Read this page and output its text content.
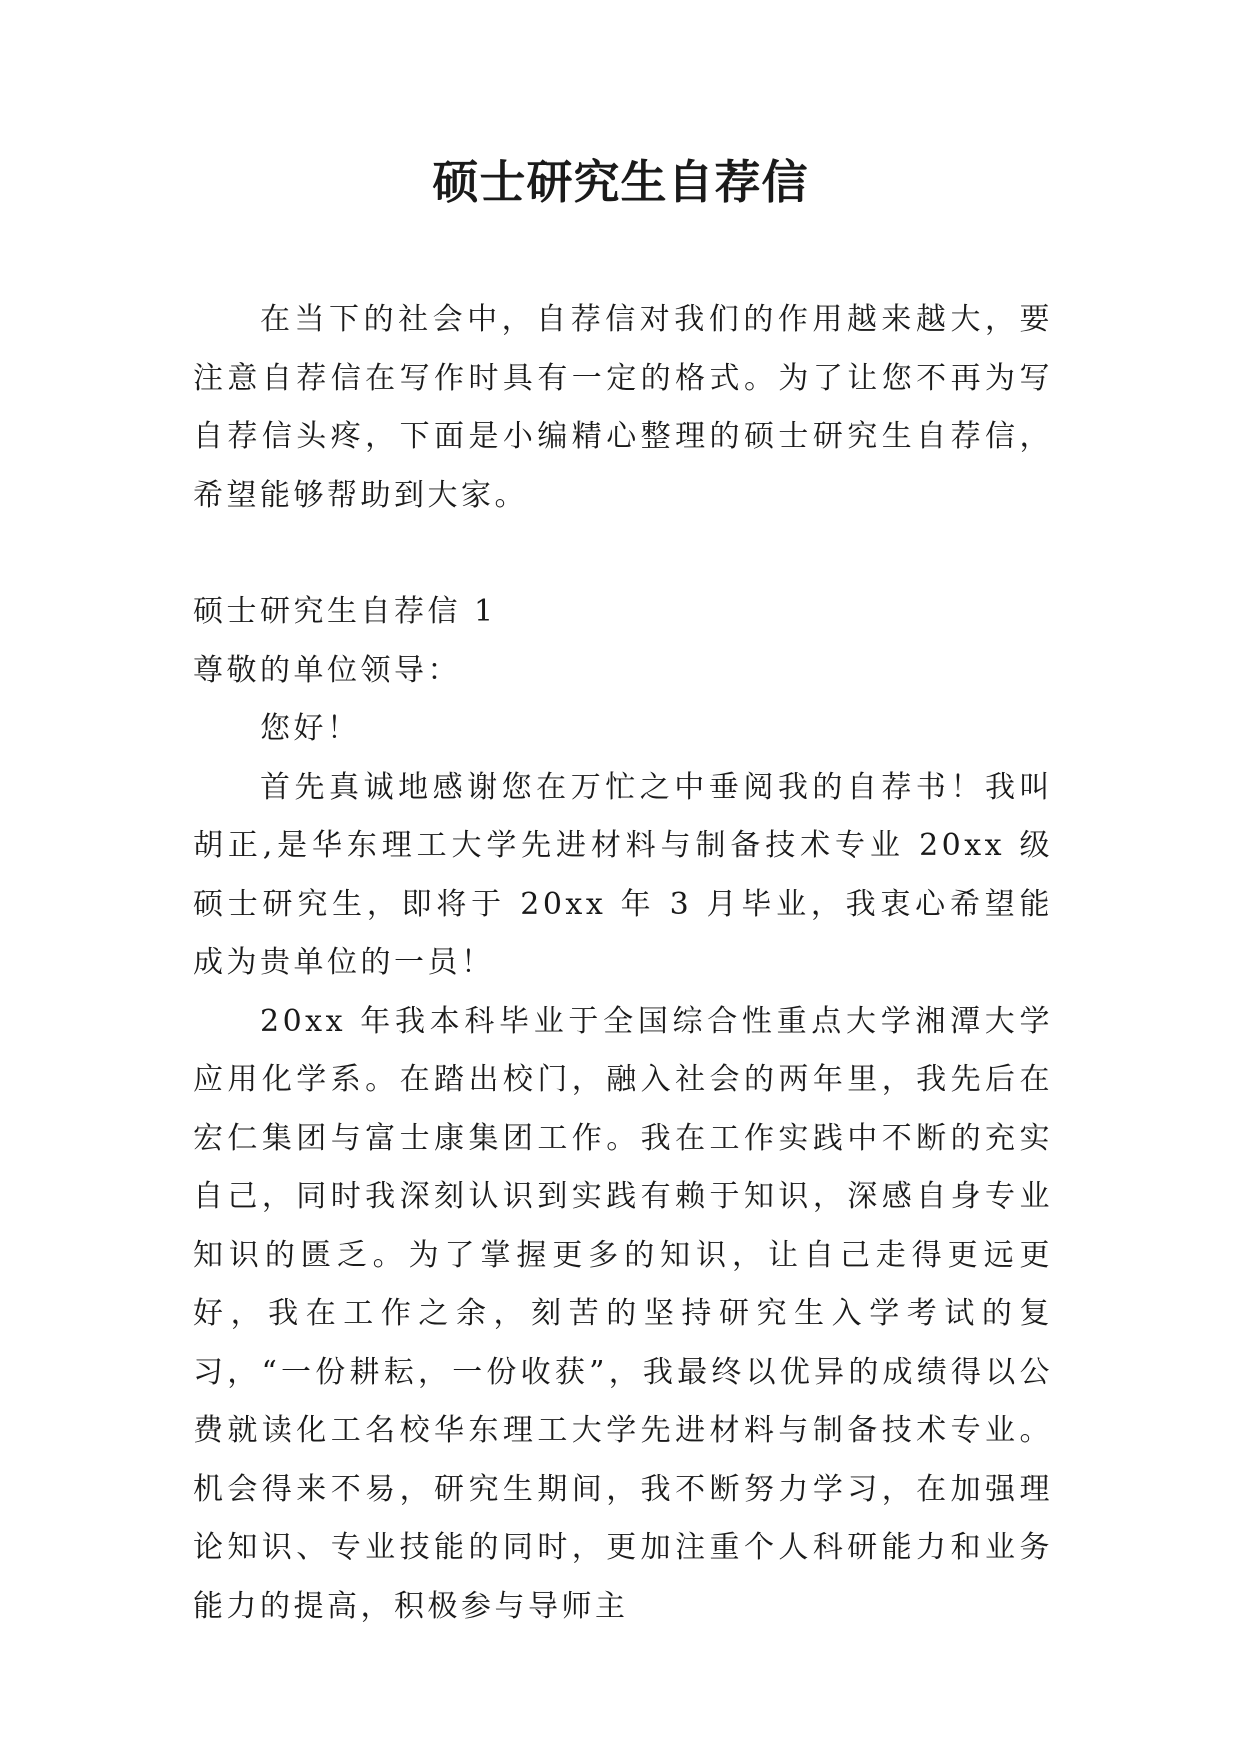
硕士研究生自荐信

在当下的社会中，自荐信对我们的作用越来越大，要注意自荐信在写作时具有一定的格式。为了让您不再为写自荐信头疼，下面是小编精心整理的硕士研究生自荐信，希望能够帮助到大家。

硕士研究生自荐信 1

尊敬的单位领导：

您好！

首先真诚地感谢您在万忙之中垂阅我的自荐书！我叫胡正,是华东理工大学先进材料与制备技术专业 20xx 级硕士研究生，即将于 20xx 年 3 月毕业，我衷心希望能成为贵单位的一员！

20xx 年我本科毕业于全国综合性重点大学湘潭大学应用化学系。在踏出校门，融入社会的两年里，我先后在宏仁集团与富士康集团工作。我在工作实践中不断的充实自己，同时我深刻认识到实践有赖于知识，深感自身专业知识的匮乏。为了掌握更多的知识，让自己走得更远更好，我在工作之余，刻苦的坚持研究生入学考试的复习，“一份耕耘，一份收获”，我最终以优异的成绩得以公费就读化工名校华东理工大学先进材料与制备技术专业。机会得来不易，研究生期间，我不断努力学习，在加强理论知识、专业技能的同时，更加注重个人科研能力和业务能力的提高，积极参与导师主
